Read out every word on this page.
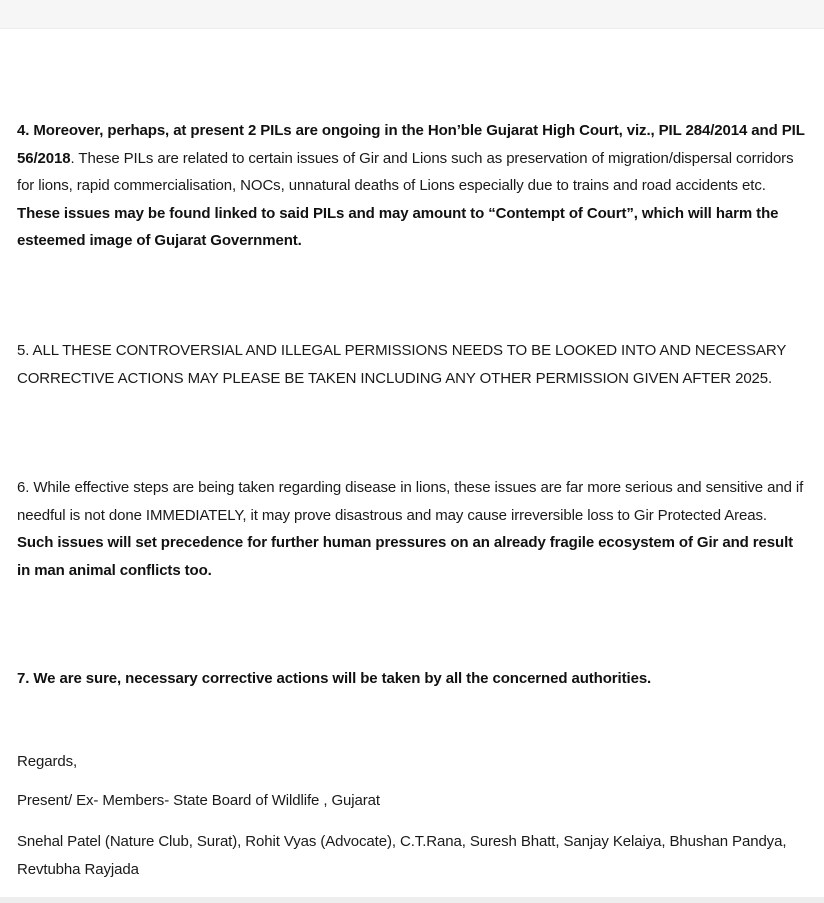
4. Moreover, perhaps, at present 2 PILs are ongoing in the Hon’ble Gujarat High Court, viz., PIL 284/2014 and PIL 56/2018. These PILs are related to certain issues of Gir and Lions such as preservation of migration/dispersal corridors for lions, rapid commercialisation, NOCs, unnatural deaths of Lions especially due to trains and road accidents etc. These issues may be found linked to said PILs and may amount to “Contempt of Court”, which will harm the esteemed image of Gujarat Government.
5. ALL THESE CONTROVERSIAL AND ILLEGAL PERMISSIONS NEEDS TO BE LOOKED INTO AND NECESSARY CORRECTIVE ACTIONS MAY PLEASE BE TAKEN INCLUDING ANY OTHER PERMISSION GIVEN AFTER 2025.
6. While effective steps are being taken regarding disease in lions, these issues are far more serious and sensitive and if needful is not done IMMEDIATELY, it may prove disastrous and may cause irreversible loss to Gir Protected Areas. Such issues will set precedence for further human pressures on an already fragile ecosystem of Gir and result in man animal conflicts too.
7. We are sure, necessary corrective actions will be taken by all the concerned authorities.
Regards,
Present/ Ex- Members- State Board of Wildlife , Gujarat
Snehal Patel (Nature Club, Surat), Rohit Vyas (Advocate), C.T.Rana, Suresh Bhatt, Sanjay Kelaiya, Bhushan Pandya, Revtubha Rayjada
